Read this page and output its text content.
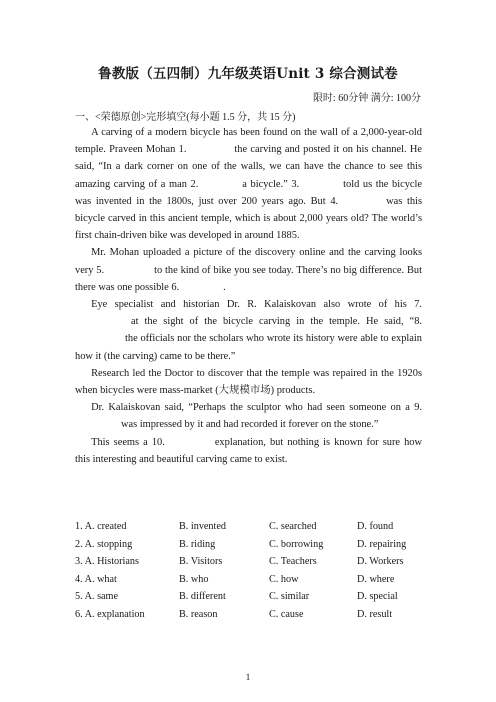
鲁教版（五四制）九年级英语Unit 3 综合测试卷
限时: 60分钟 满分: 100分
一、<荣德原创>完形填空(每小题 1.5 分，共 15 分)

A carving of a modern bicycle has been found on the wall of a 2,000-year-old temple. Praveen Mohan 1.	the carving and posted it on his channel. He said, “In a dark corner on one of the walls, we can have the chance to see this amazing carving of a man 2.	a bicycle.” 3.	told us the bicycle was invented in the 1800s, just over 200 years ago. But 4.	was this bicycle carved in this ancient temple, which is about 2,000 years old? The world’s first chain-driven bike was developed in around 1885.

Mr. Mohan uploaded a picture of the discovery online and the carving looks very 5.	to the kind of bike you see today. There’s no big difference. But there was one possible 6.	.

Eye specialist and historian Dr. R. Kalaiskovan also wrote of his 7.at the sight of the bicycle carving in the temple. He said, “8.the officials nor the scholars who wrote its history were able to explain how it (the carving) came to be there.”

Research led the Doctor to discover that the temple was repaired in the 1920s when bicycles were mass-market (大规模市场) products.

Dr. Kalaiskovan said, “Perhaps the sculptor who had seen someone on a 9.was impressed by it and had recorded it forever on the stone.”

This seems a 10.	explanation, but nothing is known for sure how this interesting and beautiful carving came to exist.

1. A. created	B. invented	C. searched	D. found
2. A. stopping	B. riding	C. borrowing	D. repairing
3. A. Historians	B. Visitors	C. Teachers	D. Workers
4. A. what	B. who	C. how	D. where
5. A. same	B. different	C. similar	D. special
6. A. explanation	B. reason	C. cause	D. result
1
